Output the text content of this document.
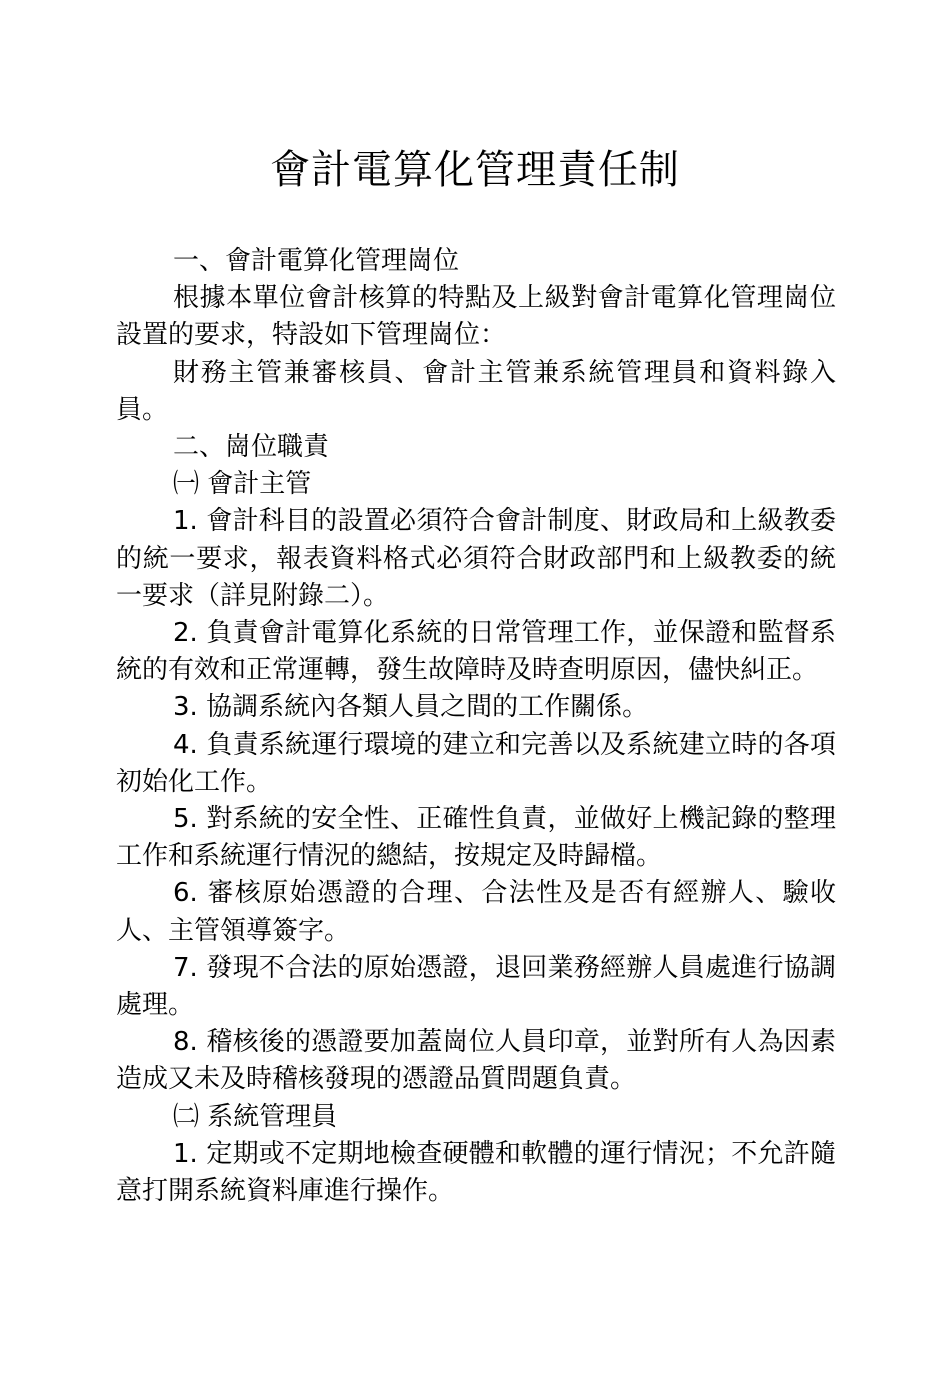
會計電算化管理責任制

一、會計電算化管理崗位

根據本單位會計核算的特點及上級對會計電算化管理崗位設置的要求，特設如下管理崗位：

財務主管兼審核員、會計主管兼系統管理員和資料錄入員。

二、崗位職責

㈠ 會計主管

1. 會計科目的設置必須符合會計制度、財政局和上級教委的統一要求，報表資料格式必須符合財政部門和上級教委的統一要求（詳見附錄二）。

2. 負責會計電算化系統的日常管理工作，並保證和監督系統的有效和正常運轉，發生故障時及時查明原因，儘快糾正。

3. 協調系統內各類人員之間的工作關係。

4. 負責系統運行環境的建立和完善以及系統建立時的各項初始化工作。

5. 對系統的安全性、正確性負責，並做好上機記錄的整理工作和系統運行情況的總結，按規定及時歸檔。

6. 審核原始憑證的合理、合法性及是否有經辦人、驗收人、主管領導簽字。

7. 發現不合法的原始憑證，退回業務經辦人員處進行協調處理。

8. 稽核後的憑證要加蓋崗位人員印章，並對所有人為因素造成又未及時稽核發現的憑證品質問題負責。

㈡ 系統管理員

1. 定期或不定期地檢查硬體和軟體的運行情況；不允許隨意打開系統資料庫進行操作。
